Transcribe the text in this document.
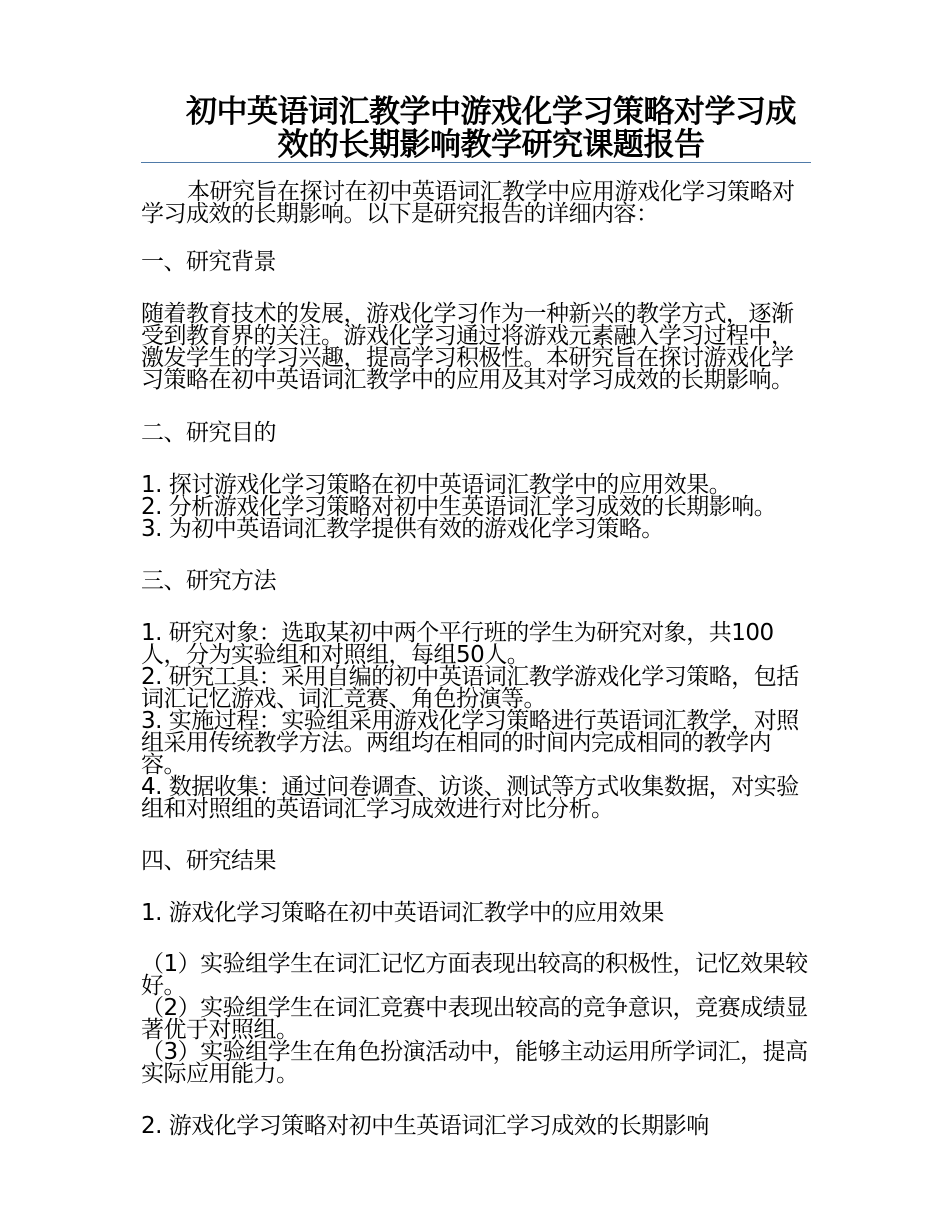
初中英语词汇教学中游戏化学习策略对学习成效的长期影响教学研究课题报告

本研究旨在探讨在初中英语词汇教学中应用游戏化学习策略对学习成效的长期影响。以下是研究报告的详细内容：

一、研究背景

随着教育技术的发展，游戏化学习作为一种新兴的教学方式，逐渐受到教育界的关注。游戏化学习通过将游戏元素融入学习过程中，激发学生的学习兴趣，提高学习积极性。本研究旨在探讨游戏化学习策略在初中英语词汇教学中的应用及其对学习成效的长期影响。

二、研究目的

1. 探讨游戏化学习策略在初中英语词汇教学中的应用效果。
2. 分析游戏化学习策略对初中生英语词汇学习成效的长期影响。
3. 为初中英语词汇教学提供有效的游戏化学习策略。

三、研究方法

1. 研究对象：选取某初中两个平行班的学生为研究对象，共100人，分为实验组和对照组，每组50人。
2. 研究工具：采用自编的初中英语词汇教学游戏化学习策略，包括词汇记忆游戏、词汇竞赛、角色扮演等。
3. 实施过程：实验组采用游戏化学习策略进行英语词汇教学，对照组采用传统教学方法。两组均在相同的时间内完成相同的教学内容。
4. 数据收集：通过问卷调查、访谈、测试等方式收集数据，对实验组和对照组的英语词汇学习成效进行对比分析。

四、研究结果

1. 游戏化学习策略在初中英语词汇教学中的应用效果

（1）实验组学生在词汇记忆方面表现出较高的积极性，记忆效果较好。
（2）实验组学生在词汇竞赛中表现出较高的竞争意识，竞赛成绩显著优于对照组。
（3）实验组学生在角色扮演活动中，能够主动运用所学词汇，提高实际应用能力。

2. 游戏化学习策略对初中生英语词汇学习成效的长期影响
